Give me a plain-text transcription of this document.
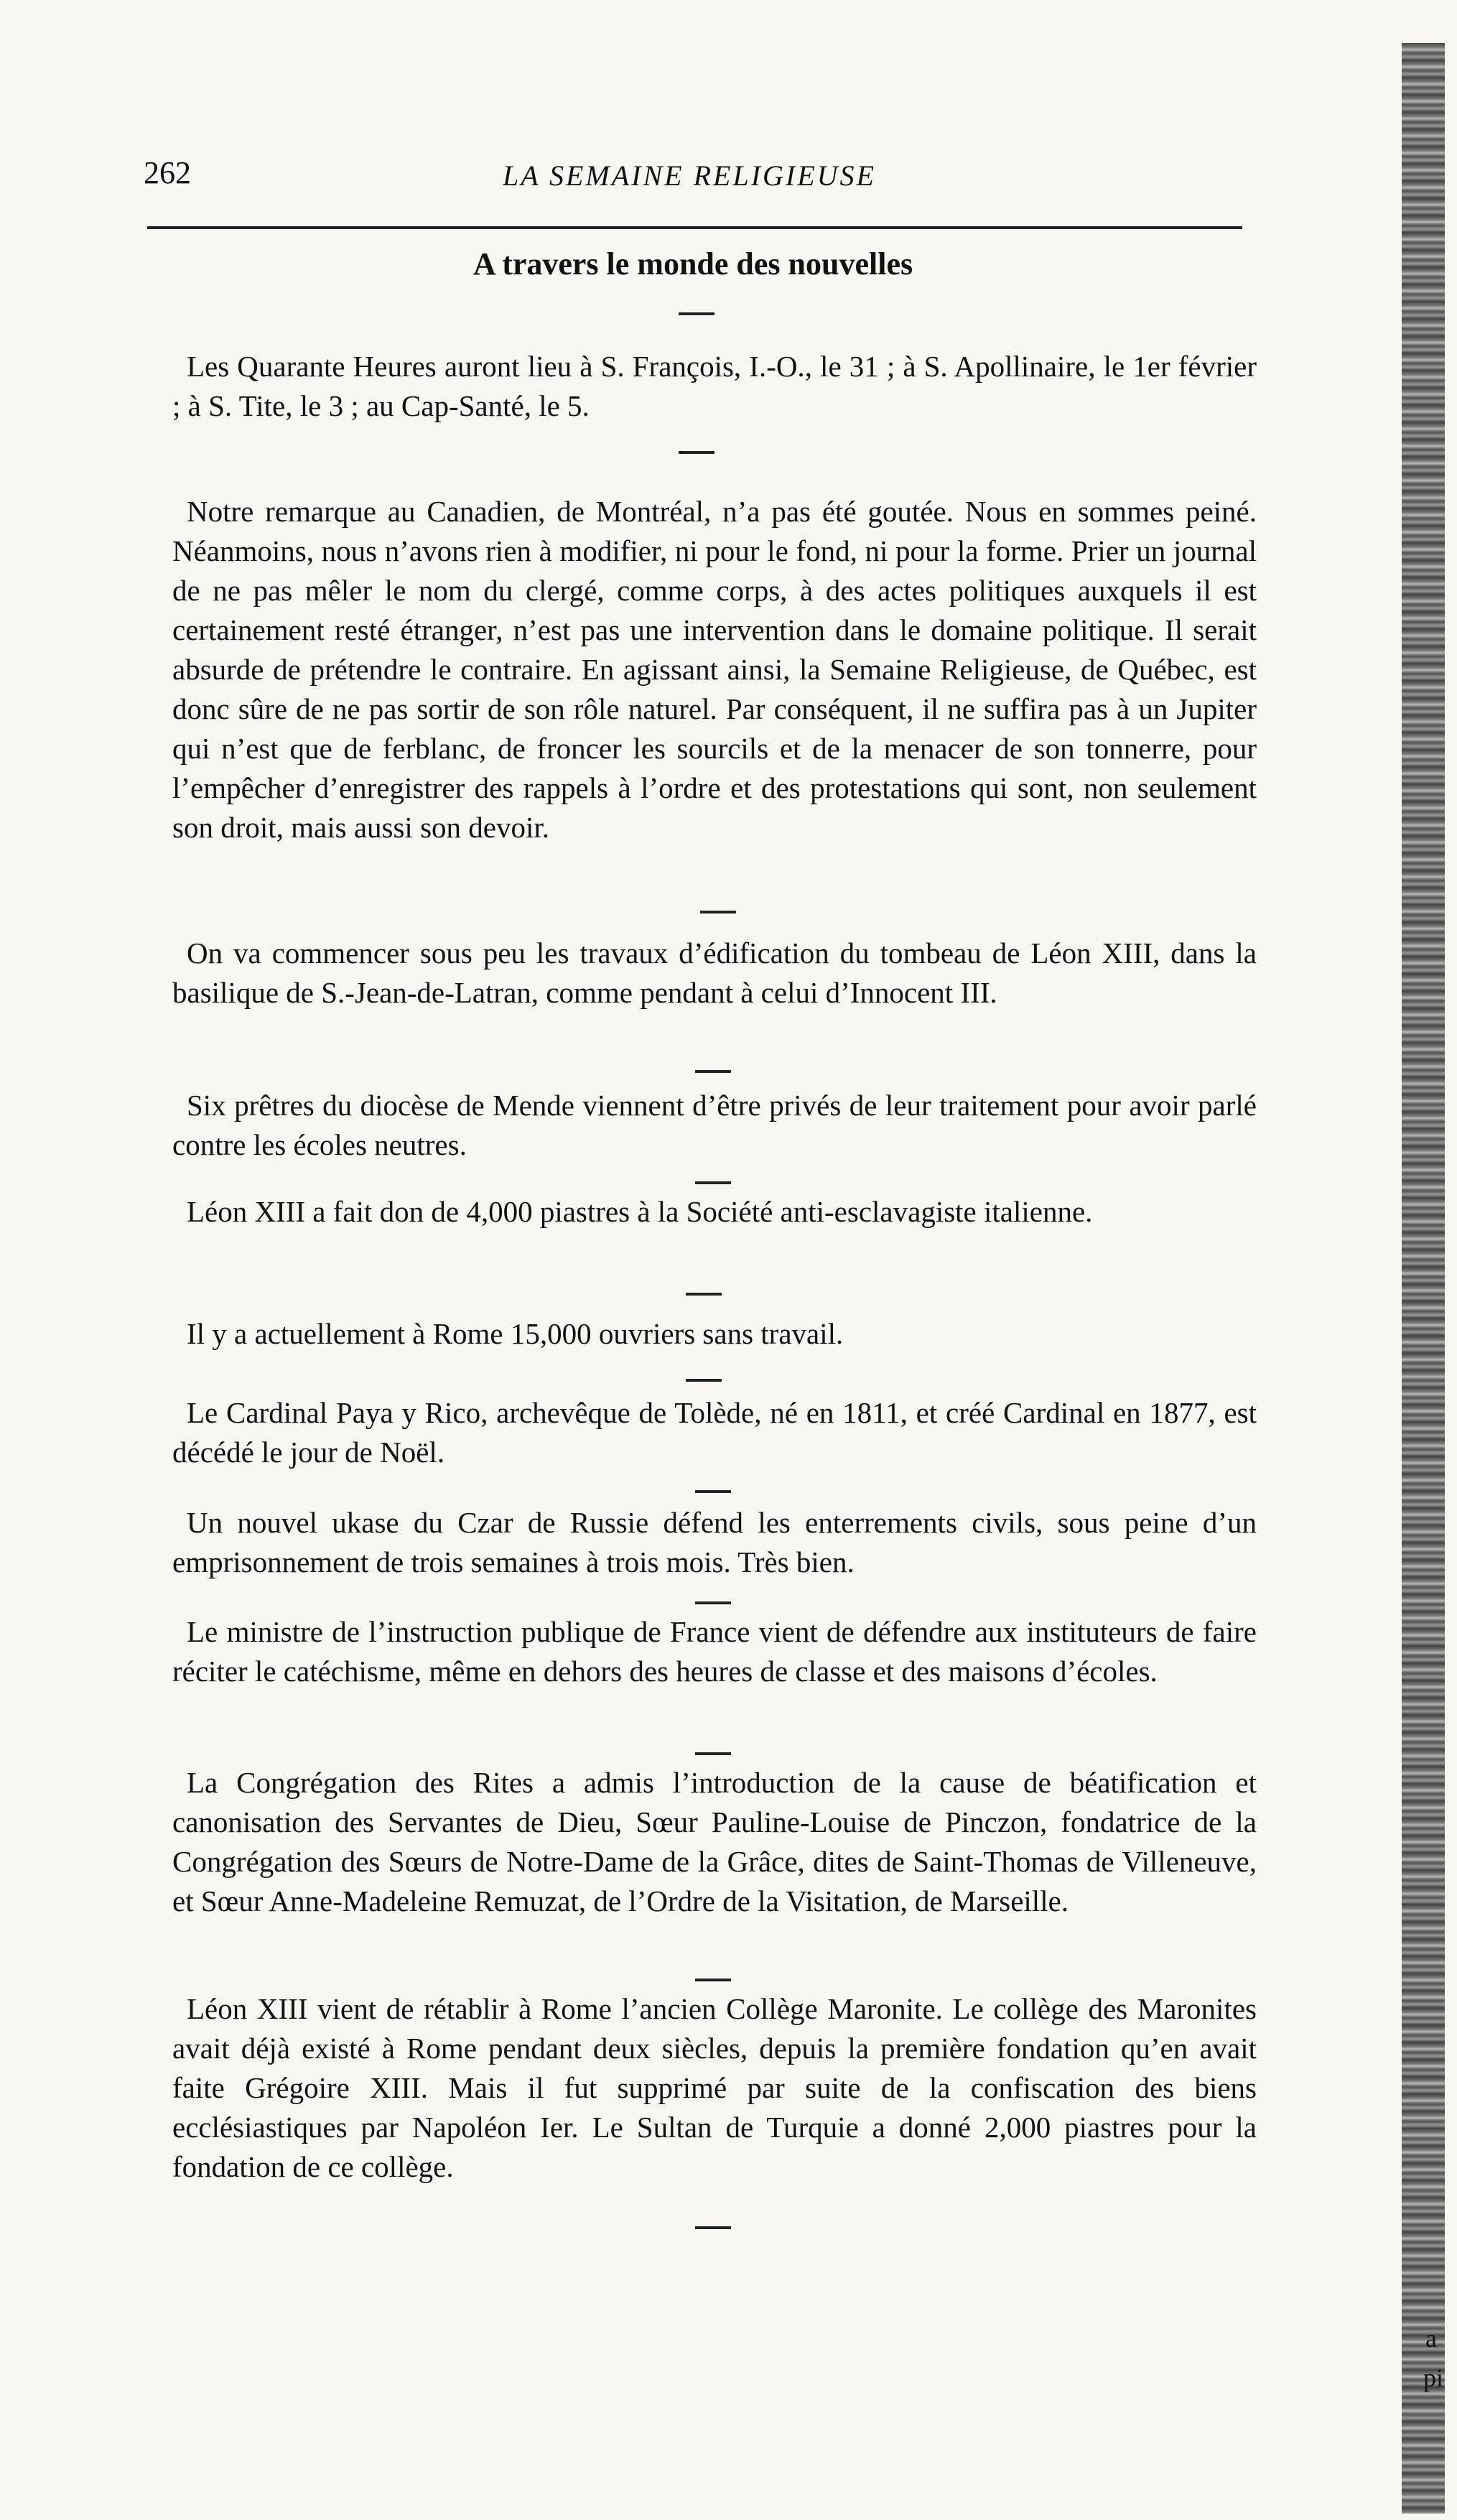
262	LA SEMAINE RELIGIEUSE
A travers le monde des nouvelles

Les Quarante Heures auront lieu à S. François, I.-O., le 31 ; à S. Apollinaire, le 1er février ; à S. Tite, le 3 ; au Cap-Santé, le 5.

Notre remarque au Canadien, de Montréal, n’a pas été goutée. Nous en sommes peiné. Néanmoins, nous n’avons rien à modifier, ni pour le fond, ni pour la forme. Prier un journal de ne pas mêler le nom du clergé, comme corps, à des actes politiques auxquels il est certainement resté étranger, n’est pas une intervention dans le domaine politique. Il serait absurde de prétendre le contraire. En agissant ainsi, la Semaine Religieuse, de Québec, est donc sûre de ne pas sortir de son rôle naturel. Par conséquent, il ne suffira pas à un Jupiter qui n’est que de ferblanc, de froncer les sourcils et de la menacer de son tonnerre, pour l’empêcher d’enregistrer des rappels à l’ordre et des protestations qui sont, non seulement son droit, mais aussi son devoir.

On va commencer sous peu les travaux d’édification du tombeau de Léon XIII, dans la basilique de S.-Jean-de-Latran, comme pendant à celui d’Innocent III.

Six prêtres du diocèse de Mende viennent d’être privés de leur traitement pour avoir parlé contre les écoles neutres.

Léon XIII a fait don de 4,000 piastres à la Société anti-esclavagiste italienne.

Il y a actuellement à Rome 15,000 ouvriers sans travail.

Le Cardinal Paya y Rico, archevêque de Tolède, né en 1811, et créé Cardinal en 1877, est décédé le jour de Noël.

Un nouvel ukase du Czar de Russie défend les enterrements civils, sous peine d’un emprisonnement de trois semaines à trois mois. Très bien.

Le ministre de l’instruction publique de France vient de défendre aux instituteurs de faire réciter le catéchisme, même en dehors des heures de classe et des maisons d’écoles.

La Congrégation des Rites a admis l’introduction de la cause de béatification et canonisation des Servantes de Dieu, Sœur Pauline-Louise de Pinczon, fondatrice de la Congrégation des Sœurs de Notre-Dame de la Grâce, dites de Saint-Thomas de Villeneuve, et Sœur Anne-Madeleine Remuzat, de l’Ordre de la Visitation, de Marseille.

Léon XIII vient de rétablir à Rome l’ancien Collège Maronite. Le collège des Maronites avait déjà existé à Rome pendant deux siècles, depuis la première fondation qu’en avait faite Grégoire XIII. Mais il fut supprimé par suite de la confiscation des biens ecclésiastiques par Napoléon Ier. Le Sultan de Turquie a donné 2,000 piastres pour la fondation de ce collège.

a
pi
